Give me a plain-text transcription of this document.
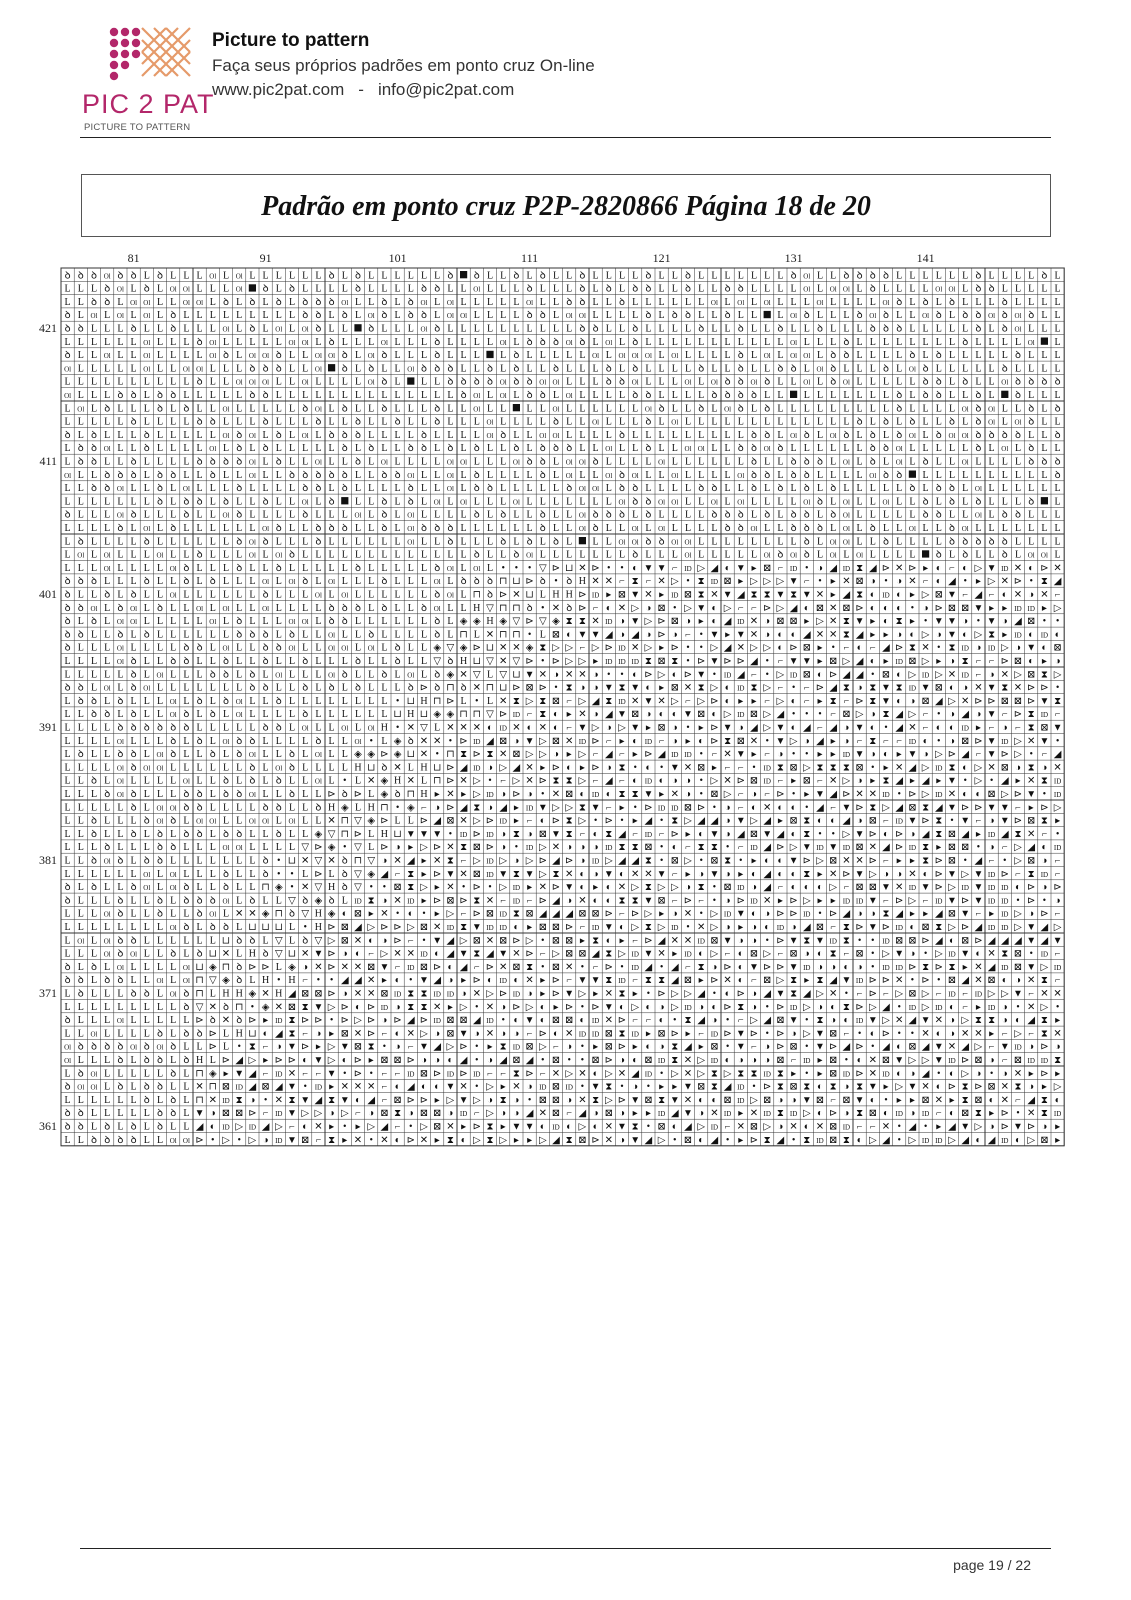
PIC 2 PAT
PICTURE TO PATTERN
Picture to pattern
Faça seus próprios padrões em ponto cruz On-line
www.pic2pat.com - info@pic2pat.com
Padrão em ponto cruz P2P-2820866 Página 18 de 20
81	91	101	111	121	131	141
421
411
401
391
381
371
361
ꝺ ꝺ ꝺ Ol ꝺ ꝺ L ꝺ L L L Ol L Ol L L L L L L ꝺ L ꝺ L L L L L L ꝺ ꝺ L L ꝺ L ꝺ L L ꝺ L L L L ꝺ L L ꝺ L L L L L L L ꝺ Ol L L ꝺ ꝺ ꝺ ꝺ L L L L L L ꝺ L L L L ꝺ L
L L L ꝺ Ol L ꝺ L Ol Ol L L L Ol ꝺ L ꝺ L L L L ꝺ L L L L ꝺ ꝺ L L Ol L L L ꝺ L L L ꝺ L ꝺ L ꝺ ꝺ L L ꝺ L L ꝺ ꝺ L L L L Ol L Ol Ol L ꝺ L L L L Ol Ol L ꝺ ꝺ L L L L L
L L ꝺ ꝺ L Ol Ol L L Ol Ol L ꝺ L ꝺ L ꝺ L ꝺ ꝺ ꝺ Ol L L ꝺ L ꝺ Ol L Ol L L L L L Ol L L ꝺ ꝺ L L ꝺ L L L L L L Ol L Ol L Ol L L L Ol L L L L Ol ꝺ L ꝺ L ꝺ L L L ꝺ L L L L
ꝺ L Ol L Ol L Ol L ꝺ L L L L L L L L L ꝺ ꝺ L ꝺ L Ol ꝺ L ꝺ ꝺ L Ol Ol L L L L ꝺ ꝺ L Ol Ol L L L L ꝺ L ꝺ ꝺ L L ꝺ L L L Ol ꝺ L L L ꝺ Ol ꝺ L L Ol ꝺ L ꝺ ꝺ Ol ꝺ Ol ꝺ L L
ꝺ ꝺ L L L ꝺ L L ꝺ L L L Ol L ꝺ L Ol L Ol ꝺ L L ꝺ L L L Ol ꝺ L L L L L L L L L L ꝺ ꝺ L L ꝺ L L L L ꝺ L L ꝺ L L ꝺ L L ꝺ L L L ꝺ ꝺ ꝺ L L L L L ꝺ L ꝺ Ol L L L
L L L L L L Ol L L L ꝺ Ol L L L L L Ol Ol L ꝺ L L L Ol L L L ꝺ L L L L Ol L ꝺ ꝺ ꝺ Ol ꝺ L Ol L ꝺ L L L L L L L L L L L Ol L L L ꝺ L L L L L L L L ꝺ L L L L Ol L
ꝺ L L Ol L L Ol L L L L Ol ꝺ L Ol Ol ꝺ L L Ol Ol ꝺ L Ol ꝺ L L L ꝺ L L L L ꝺ L L L L L Ol L Ol Ol Ol L Ol L L L L ꝺ L Ol L Ol Ol L ꝺ ꝺ L L L L ꝺ L ꝺ L L L L L ꝺ L L L
Ol L L L L L Ol L L Ol Ol L L L ꝺ ꝺ ꝺ L L Ol ꝺ L ꝺ L L Ol ꝺ ꝺ ꝺ L L ꝺ L ꝺ L L ꝺ L L L ꝺ L ꝺ L L L L ꝺ L L ꝺ L L ꝺ ꝺ L Ol ꝺ L L L ꝺ L Ol ꝺ L L L L L ꝺ L L L L
L L L L L L L L L L ꝺ L L Ol Ol Ol L L Ol L L L L Ol ꝺ L L L ꝺ ꝺ ꝺ ꝺ Ol ꝺ ꝺ Ol Ol L L L ꝺ ꝺ Ol L L L Ol L Ol ꝺ ꝺ Ol ꝺ L L Ol L ꝺ Ol L L L L L ꝺ ꝺ L ꝺ L L Ol ꝺ ꝺ ꝺ ꝺ
Ol L L L ꝺ ꝺ L ꝺ ꝺ L L L L L ꝺ ꝺ L L L L L L L L L L L L L L ꝺ Ol L Ol L ꝺ ꝺ L Ol L L L L ꝺ ꝺ L L L L ꝺ ꝺ ꝺ ꝺ L L L L L L L L L ꝺ L ꝺ ꝺ L L ꝺ L ꝺ L L L
L Ol L ꝺ L L L ꝺ L ꝺ L L Ol L L L L L ꝺ Ol L ꝺ L L ꝺ L L L ꝺ L L Ol L L L L Ol L L L L L L Ol ꝺ L L ꝺ L Ol ꝺ L ꝺ L L L L L L L L L ꝺ L L L L Ol ꝺ Ol L L ꝺ L ꝺ
L L L L L ꝺ L L L L ꝺ ꝺ L L L ꝺ L L L ꝺ L L ꝺ L L ꝺ L L ꝺ L L L Ol L L L L ꝺ L L Ol L L L ꝺ L Ol L L L L L L L L L L L L L ꝺ L ꝺ L ꝺ L L ꝺ L ꝺ Ol L Ol ꝺ L L
ꝺ L ꝺ L L L ꝺ L L L L L Ol ꝺ Ol L ꝺ L Ol L ꝺ ꝺ ꝺ L L L L ꝺ L L L L Ol ꝺ L L Ol Ol L L L L ꝺ L L L L L L L L L ꝺ ꝺ L Ol ꝺ L Ol ꝺ L ꝺ L ꝺ Ol L ꝺ Ol Ol ꝺ ꝺ ꝺ ꝺ L L ꝺ
L ꝺ ꝺ Ol L L ꝺ L L L L Ol L ꝺ L ꝺ L L L L L ꝺ L ꝺ L L ꝺ ꝺ L ꝺ L ꝺ L L ꝺ L ꝺ ꝺ ꝺ L L Ol L L ꝺ L L Ol Ol L L ꝺ ꝺ Ol ꝺ L L L L L L ꝺ ꝺ Ol L L L L L ꝺ L Ol L ꝺ L L
L ꝺ ꝺ L L ꝺ L L L L ꝺ ꝺ ꝺ ꝺ Ol L ꝺ L L Ol L L ꝺ L Ol L L L L Ol Ol L L L Ol ꝺ ꝺ L Ol Ol ꝺ L L L L Ol L L L L L L ꝺ L L ꝺ ꝺ ꝺ L Ol L ꝺ L Ol L ꝺ L L Ol L L L L ꝺ ꝺ ꝺ
Ol L L ꝺ ꝺ ꝺ L ꝺ ꝺ L L ꝺ L L Ol L L ꝺ ꝺ ꝺ ꝺ ꝺ L L ꝺ ꝺ Ol L L Ol L ꝺ L L L L ꝺ L Ol L L Ol ꝺ Ol L L Ol L L L L Ol ꝺ ꝺ L ꝺ ꝺ L L L L Ol ꝺ ꝺ L L L L L L L L L L ꝺ
L L ꝺ ꝺ Ol L L ꝺ L Ol L L L ꝺ L L L L ꝺ ꝺ L ꝺ L L L L ꝺ L L Ol L ꝺ ꝺ L L L L L ꝺ Ol Ol L ꝺ ꝺ L L L L ꝺ ꝺ L L ꝺ L ꝺ L ꝺ L ꝺ L L L L L ꝺ L ꝺ ꝺ L Ol L L L L L L
L L L L L L L ꝺ L ꝺ ꝺ L ꝺ L L ꝺ L L Ol L ꝺ L L ꝺ L ꝺ L Ol L Ol L L L Ol L L L L L L L Ol ꝺ ꝺ Ol Ol L L Ol L Ol L L L L Ol ꝺ L Ol L L Ol L L ꝺ L ꝺ L ꝺ L L L ꝺ L
ꝺ L L L Ol ꝺ L L L ꝺ L L Ol ꝺ L L L L ꝺ L L L Ol L ꝺ L Ol L L L L ꝺ L ꝺ L L ꝺ L L Ol ꝺ ꝺ ꝺ L ꝺ L L L L ꝺ ꝺ ꝺ L ꝺ L ꝺ ꝺ L ꝺ Ol L L L L L ꝺ ꝺ L L Ol L ꝺ ꝺ L L L
L L L L ꝺ L Ol L ꝺ L L L L L L Ol ꝺ L L ꝺ ꝺ ꝺ L L ꝺ L Ol ꝺ ꝺ ꝺ L L L L L L ꝺ L L Ol ꝺ L L Ol L Ol L L L L ꝺ ꝺ Ol L L ꝺ ꝺ ꝺ L Ol L ꝺ L L Ol L L ꝺ Ol L L L L L L L
L ꝺ L L L L ꝺ L L L L L L ꝺ Ol ꝺ L L L ꝺ L L L L L L Ol L L ꝺ L L L ꝺ L ꝺ L ꝺ L L L Ol Ol ꝺ ꝺ Ol Ol L L L L L L L L ꝺ L Ol Ol L L ꝺ L L L L ꝺ ꝺ ꝺ ꝺ ꝺ L L L L
L Ol L Ol L L L Ol L L ꝺ L L L Ol L Ol ꝺ L L L L L L L L L L L L L ꝺ L L ꝺ Ol L L L L L L L ꝺ L L L Ol L L L L L Ol ꝺ Ol ꝺ L Ol L Ol L L L L ꝺ L ꝺ L L ꝺ L Ol Ol L
L L L Ol L L L L Ol ꝺ L L L ꝺ L L ꝺ L L L L L ꝺ L L L L L ꝺ Ol L Ol L • • • ▽ ⊳ ⊔ ✕ ⊳ • • ◐ ▼ ▼ ⌐ ID ▷ ◢ ◐ ▼ ▸ ⊠ ⌐ ID • ◑ ◢ ID ⧗ ◢ ⊳ ✕ ⊳ ▸ ◐ ⌐ ◐ ▷ ▼ ID ✕ ◐ ⊳ ✕
ꝺ ꝺ ꝺ L L L ꝺ L L ꝺ L ꝺ L L L Ol L Ol ꝺ L Ol L L L ꝺ L L L Ol L ꝺ ꝺ ꝺ ⊓ ⊔ ⊳ ꝺ • ꝺ H ✕ ✕ ⌐ ⧗ ⌐ ✕ ▷ • ⧗ ID ⊠ ▸ ▷ ▷ ▷ ▼ ⌐ • ▸ ✕ ⊠ ◑ • ◑ ✕ ⌐ ◐ ◢ • ▸ ▷ ✕ ⊳ • ⧗ ◢
ꝺ L L ꝺ L ꝺ L L Ol L L L L L L ꝺ L L L Ol L Ol L L L L L L ꝺ Ol L ⊓ ꝺ ⊳ ✕ ⊔ L H H ⊳ ID ▸ ⊠ ▼ ✕ ▸ ID ⊠ ⧗ ✕ ▼ ◢ ⧗ ⧗ ▼ ⧗ ▼ ✕ ▸ ◢ ⧗ ◐ ID ◐ ▸ ▷ ⊠ ▼ ⌐ ◢ ⌐ ◐ ✕ ◑ ✕ ⌐
ꝺ ꝺ Ol L ꝺ Ol L ꝺ L L Ol L Ol L L Ol L L L L ꝺ ꝺ ꝺ L ꝺ L L ꝺ Ol L L H ▽ ⊓ ⊓ ꝺ • ✕ ꝺ ⊳ ⌐ ◐ ✕ ▷ ◑ ⊠ • ▷ ▼ ◐ ▷ ⌐ ⌐ ⊳ ▷ ◢ ◐ ⊠ ✕ ⊠ ⊳ ◐ ◐ ◐ • ◑ ⊳ ⊠ ⊠ ▼ ▸ ▸ ID ID ▸ ▷
ꝺ L ꝺ L Ol Ol L L L L L Ol L ꝺ L L L Ol Ol L ꝺ ꝺ L L L L L L ꝺ L ◈ ◈ H ◈ ▽ ⊳ ▽ ◈ ⧗ ⧗ ✕ ID ◑ ▼ ▷ ⊳ ⊠ ◑ ▸ ◐ ◢ ID ✕ ◑ ⊠ ⊠ ▸ ▷ ✕ ⧗ ▼ ▸ ◐ ⧗ ▸ • ▼ ▼ ◑ • ▼ ◑ ◢ ⊠ • •
ꝺ ꝺ L L ꝺ L ꝺ L L L L L L ꝺ ꝺ ꝺ L ꝺ L L Ol L L ꝺ L L L L ꝺ L ⊓ L ✕ ⊓ ⊓ • L ⊠ ◐ ▼ ▼ ◢ ◑ ◢ ◑ ⊳ ◑ ⌐ • ▼ ▸ ▼ ✕ ◑ ◐ ◐ ◢ ✕ ✕ ⧗ ◢ ▸ ▸ ◑ ◐ ▷ ◑ ▼ ◐ ▷ ⧗ ▸ ID ◐ ID ◐
ꝺ L L L Ol L L L L ꝺ ꝺ L Ol L L ꝺ ꝺ Ol L L Ol Ol L Ol L ꝺ L L ◈ ▽ ◈ ⊳ ⊔ ✕ ✕ ◈ ⧗ ▷ ▷ ⌐ ▷ ⊳ ID ✕ ▷ ▸ ⊳ • • ▷ ◢ ✕ ▷ ▷ ◐ ⊳ ⊠ ▸ • ⌐ ◐ ⌐ ◢ ⊳ ⧗ ✕ • ⧗ ID ◑ ID ▷ ◑ ▼ ◐ ⊠
L L L L Ol ꝺ L L ꝺ ꝺ L L ꝺ L L ꝺ L L ꝺ L L L ꝺ L L ꝺ L L ▽ ꝺ H ⊔ ▽ ✕ ▽ ⊳ • ⊳ ▷ ▷ ▸ ID ID ID ⧗ ⊠ ⧗ • ⊳ ▼ ⊳ ⊳ ◢ • ⌐ ▼ ▼ ▸ ⊠ ▷ ◢ ◐ ▸ ID ⊠ ▷ ▸ ◑ ⧗ ⌐ ⌐ ⊳ ⊠ ◐ ▸ ◑
L L L L L ꝺ L Ol L L L ꝺ ꝺ L ꝺ L Ol L L L Ol ꝺ L L ꝺ L Ol L ꝺ ◈ ✕ ▽ L ▽ ⊔ ▼ ✕ ◑ ✕ ✕ ◑ • • ◐ ⊳ ▷ ◐ ⊳ ▼ • ID ◢ ⌐ • ▷ ID ⊠ ◐ ⊳ ◢ ◢ • ⊠ ◐ ▷ ID ▷ ✕ ID ⌐ ◑ ✕ ▷ ⊠ ⧗ ▷
ꝺ ꝺ L Ol L ꝺ Ol L L L L L L L ꝺ ꝺ L L ꝺ L ꝺ L ꝺ L L L ꝺ ⊳ ꝺ ⊓ ꝺ ✕ ⊓ ⊔ ⊳ ⊠ ⊳ • ⧗ ◑ ◑ ▼ ⧗ ▼ ◐ ▸ ⊠ ✕ ⧗ ▷ ◐ ID ⧗ ▷ ⌐ • ⌐ ⊳ ◢ ⧗ ◑ ⧗ ▼ ⧗ ID ▼ ⊠ ◐ ◑ ✕ ▼ ⧗ ✕ ⊳ ⊳ •
L ꝺ ꝺ L ꝺ L L L Ol L ꝺ L ꝺ Ol L L ꝺ L L L L L L L L • ⊔ H ⊓ ⊳ L • L ✕ ⧗ ▷ ⧗ ⊠ ⌐ ▷ ◢ ⧗ ID ✕ ▼ ✕ ▷ ⌐ ▷ ⊳ ◐ ▸ ▸ ⌐ ▷ ◐ ⌐ ▸ ⧗ ⌐ ⊳ ⧗ ▼ ◐ ◑ ⊠ ◢ ▷ ✕ ⊳ ⊳ ⊠ ⊠ ⊳ ▼ ⧗
L L ꝺ ꝺ L ꝺ L L Ol ꝺ L ꝺ L Ol L L L L ꝺ L L L L L L ⊔ H ⊔ ◈ ◈ ⊓ ⊓ ▽ ⊳ ID ⌐ ⧗ ◐ ▸ ✕ ◑ ◢ ▼ ⊠ ◑ ◐ ◐ ▼ ⊠ ◐ ▷ ID ⊠ ▷ ◢ • • • ⌐ ⊠ ▷ ◑ ⧗ ◢ ▷ ⌐ • ◑ ◢ ◑ ▼ ⌐ ⊳ ⧗ ID ⌐
L L L L ꝺ ꝺ ꝺ ꝺ ꝺ ꝺ L L L L L ꝺ ꝺ L Ol L L Ol L Ol H • ✕ ▽ L ✕ ✕ ✕ ◐ ID ✕ ◐ ✕ ◐ ⌐ ▼ ▷ ◑ ▷ ▼ ▸ ⊠ ◑ • ▸ ⊳ ▼ ◑ ◢ ▷ ▼ ◐ ◢ ⌐ ◢ ◑ ▼ ◐ • ◢ ✕ ⌐ ◐ ◐ ID ▸ ⌐ ◑ ⌐ ⧗ ⊠ ▼
L L L L Ol L L L ꝺ L ꝺ L Ol ꝺ ꝺ L L L L ꝺ L L Ol • L ◈ ꝺ ✕ ✕ • ⊳ ID ◢ ⊠ ◑ ▼ ▷ ⊠ ✕ ID ⊳ ⌐ ▸ ◐ ID ⌐ ◑ ▸ ◐ ⊳ ⧗ ⊠ ✕ • ▼ ▷ ◑ ◢ ▸ ◑ ⌐ ⧗ ⌐ ⌐ ID ◐ • ◑ ⊠ ⊳ ▼ ID ▷ ✕ ▼ •
L ꝺ L L ꝺ ꝺ L Ol ꝺ L L ꝺ L ꝺ Ol L L ꝺ L Ol L L ◈ ◈ ⊳ ◈ ⊔ ✕ • ⊓ ⧗ ⊳ ⧗ ✕ ⊠ ▷ ▷ ◑ ▸ ▷ ⌐ ◢ ⌐ ▸ ⊳ ◢ ID ID • ⌐ ✕ ▼ ▸ ⌐ ◑ • • ▸ ▸ ID ▼ ◑ ◐ ▸ ▼ ◑ ▷ ⊳ ◢ ⌐ ▼ ⊳ ▷ • ⌐ ◢
L L L L Ol ꝺ Ol Ol L L L L L L ꝺ L Ol ꝺ L L L L H ⊔ ꝺ ✕ L H ⊔ ⊳ ◢ ID ◑ ▷ ◢ ✕ ▸ ⊳ ◐ ▸ ⊳ ◑ ⧗ • ◐ • ▼ ✕ ⊠ ▸ ⌐ ⌐ • ID ⧗ ⊠ ▷ ⧗ ⧗ ⧗ ⊠ • ▸ ✕ ◢ ▷ ID ⧗ ◐ ▷ ✕ ⊠ ◑ ⧗ ◑ ✕
L L ꝺ L Ol L L L L Ol L L ꝺ L ꝺ L ꝺ L L Ol L • L ✕ ◈ H ✕ L ⊓ ⊳ ✕ ▷ • ⌐ ▷ ✕ ⊳ ⧗ ⧗ ▷ ⌐ ◢ ⌐ ◐ ID ◐ ◑ ◑ • ▷ ✕ ⊳ ⊠ ID ⌐ ▸ ⊠ ⌐ ✕ ▷ ◑ ▸ ⧗ ◢ ▸ ◢ ▸ ▼ • ▷ • ◢ ▸ ✕ ⧗ ID
L L L ꝺ Ol ꝺ L L L ꝺ ꝺ L ꝺ ꝺ Ol L L ꝺ L L ⊳ ꝺ ⊳ L ◈ ꝺ ⊓ H ▸ ✕ ▸ ▷ ID ◑ ⊳ ◑ • ✕ ⊠ ◐ ID ◐ ⧗ ⧗ ▼ ▸ ✕ ◑ • ⊠ ▷ ⌐ ◑ ⌐ ⊳ • ▸ ▼ ◢ ⊳ ✕ ✕ ID • ⊳ ▷ ID ✕ ◐ ◐ ⊠ ▷ ⊳ ▼ • ID
L L L L L ꝺ L Ol Ol ꝺ ꝺ L L L L ꝺ ꝺ L L ꝺ H ◈ L H ⊓ • ◈ ⌐ ◑ ⊳ ◢ ⧗ ◑ ◢ ▸ ID ▼ ▷ ▷ ⧗ ▼ ⌐ ▸ • ⊳ ID ID ⊠ ⊳ • ◑ ⌐ ◐ ✕ ◐ ◐ • ◢ ⌐ ▼ ⊳ ⧗ ▷ ◢ ⊠ ⧗ ◢ ▼ ⊳ ⊳ ▼ ▼ ⌐ ▸ ⊳ ▷
L L ꝺ L L L ꝺ Ol ꝺ L Ol Ol L L Ol Ol L Ol L L ✕ ⊓ ▽ ◈ ⊳ L L ⊳ ◢ ⊠ ✕ ▷ ⊳ ID ▸ ⌐ ◐ ⊳ ⧗ ▷ • ⊳ • ▸ ◢ • ⧗ ▷ ◢ ◢ ◑ ▼ ▷ ◢ ▸ ⊠ ⧗ ◐ ◐ ◢ ◑ ⊠ ⌐ ID ▼ ⊳ ⧗ • ▼ ⌐ ◑ ▼ ⊳ ⊠ ⧗ ▸
L L ꝺ L L ꝺ L ꝺ L ꝺ ꝺ L ꝺ ꝺ L L ꝺ L L ◈ ▽ ⊓ ⊳ L H ⊔ ▼ ▼ ▼ • ID ⊳ ID ◑ ⧗ ◑ ⊠ ▼ ⧗ ⌐ ◐ ⧗ ◢ ⌐ ID ⌐ ⊳ ▸ ◐ ▼ ◑ ◢ ⊠ ▼ ◢ ◐ ⧗ • • ▷ ▼ ⊳ ◐ ⊳ ◑ ◢ ⧗ ⊠ ◢ ▸ ID ◢ ⧗ ✕ ⌐ •
L L L ꝺ L L L ꝺ ꝺ L L L Ol Ol L L L L ▽ ⊳ ◈ • ▽ L ⊳ ◑ ▸ ▷ ⊳ ✕ ⧗ ⊠ ⊳ ◑ • ID ▷ ✕ ◑ ◑ ◑ ID ⧗ ⧗ ⊠ • ◐ ⌐ ⧗ ⧗ • ⌐ ID ◢ ⊳ ▷ ▼ ID ▼ ID ⊠ ✕ ◢ ⊳ ID ⧗ ▸ ⊠ ⊠ • ◑ ⌐ ▷ ◢ ◐ ID
L L ꝺ Ol ꝺ L ꝺ ꝺ L L L L L L L ꝺ • ⊔ ✕ ▽ ✕ ꝺ ⊓ ▽ ◑ ✕ ◢ ▸ ✕ ⧗ ⌐ ▷ ID ▷ ◑ ▷ ⊳ ◢ ⊳ ◑ ID ▷ ◢ ◢ ⧗ • ⊠ ▷ • ⊠ ⧗ • ▸ ◐ ◐ ▼ ⊳ ▷ ⊠ ✕ ✕ ⊳ ⌐ ▸ ▸ ⧗ ⊳ ⊠ • ◢ ⌐ • ▷ ⊠ ◑ ⌐
L L L L L L Ol L Ol L L L ꝺ L L ꝺ • • L ⊳ L ꝺ ▽ ◈ ◢ ⌐ ⧗ ▸ ⊳ ▼ ✕ ⊠ ID ▼ ⧗ ▼ ▷ ⧗ ✕ ◐ ◑ ▼ ◐ ✕ ✕ ▼ ⌐ ▸ ◑ ▼ ◑ ▸ ◐ ◢ ◐ ◐ ⧗ ▸ ✕ ⊳ ▼ ▷ ◑ ◑ ✕ ◐ ⊳ ▼ ▷ ▼ ID ⊳ ⌐ ⧗ ID ⌐
ꝺ L ꝺ L L ꝺ Ol L Ol ꝺ L L ꝺ L L ⊓ ◈ • ✕ ▽ H ꝺ ▽ • • ⊠ ⧗ ▷ ▸ ✕ • ⊳ • ▷ ID ▸ ✕ ⊳ ▼ ◐ ▸ ◐ ✕ ▷ ⧗ ▷ ▷ ◑ ⧗ • ⊠ ID ◑ ◢ ⌐ ◐ ◐ ◐ ▷ ⌐ ⊠ ⊠ ▼ ✕ ID ▼ ⊳ ▷ ID ▼ ID ID ◐ ⊳ ◑ ⊳
ꝺ L L L ꝺ L L ꝺ L ꝺ ꝺ ꝺ Ol L ꝺ L L ▽ ꝺ ◈ ꝺ L ID ⧗ ◑ ✕ ID ▸ ⊳ ⊠ ⊳ ⧗ ✕ ⌐ ID ⌐ ⊳ ◢ ◑ ✕ ◐ ◐ ⧗ ⧗ ▼ ⊠ ⌐ ⊳ ⌐ • ◑ ⊳ ID ✕ ▸ ⊳ ▷ ▸ ▸ ID ID ▼ ⌐ ⊳ ▷ ⌐ ID ▼ ⊳ ▼ ID ID • ⊳ • ◑
L L L Ol ꝺ L L ꝺ L L ꝺ Ol L ✕ ✕ ◈ ⊓ ꝺ ▽ H ◈ ◐ ⊠ ▸ ✕ • ◐ • ▸ ▷ ⌐ ⊳ ⊠ ID ⧗ ⊠ ◢ ◢ ◢ ⊠ ⊠ ⊳ ⌐ ⊳ ▷ ▸ ◑ ✕ • ▷ ID ▼ ◐ ◑ ⊳ ⊳ ID • ⊳ ◢ ◑ ◑ ⧗ ◢ ▸ ▸ ◢ ⊠ ▼ ⌐ ▸ ID ▷ ◑ ⊳ ⌐
L L L L L L L L Ol ꝺ L ꝺ ꝺ L ⊔ ⊔ ⊔ L • H ⊳ ⊠ ◢ ▷ ⊳ ⊳ ▷ ⊠ ✕ ID ⧗ ▼ ID ID ◐ ▸ ⊠ ⊠ ⊳ ⌐ ID ▼ ◐ ▷ ⧗ ▷ ID • ✕ ▷ ◑ ▸ ◑ ◐ ID ◑ ◢ ⊠ ⌐ ⧗ ⊳ ▼ ⊳ ID ◐ ⊠ ⧗ ▷ ⊳ ◢ ID ID ▷ ▼ ◢ ▷
L Ol L Ol ꝺ ꝺ L L L L L L ⊔ ꝺ ꝺ L ▽ L ꝺ ▽ ▷ ⊠ ✕ ◐ ◑ ⊳ ⌐ • ▼ ◢ ▷ ⊠ ✕ ⊠ ⊳ ▷ • ⊠ ⊠ ▸ ⧗ ◐ ▸ ⌐ ⊳ ◢ ✕ ✕ ID ⊠ ▼ ◑ ◑ • ⊳ ▼ ⧗ ▼ ID ⧗ • • ID ⊠ ⊠ ⊳ ◢ ◐ ⊠ ⊳ ◢ ◢ ◢ ▼ ◢ ▼
L L L Ol ꝺ Ol L L ꝺ L ꝺ ⊔ ✕ L H ꝺ ▽ ⊔ ✕ ▼ ⊳ ◑ ◐ ⌐ ▷ ✕ ✕ ID ◐ ◢ ▼ ⧗ ◢ ▼ ✕ ⊳ ⌐ ▷ ⊠ ⊠ ◢ ⧗ ▷ ID ▼ ✕ ▸ ID ◐ ▷ ⌐ ◐ ⊠ ▷ ⌐ ⊠ ◑ ◐ ⧗ ⌐ ⊠ • ▷ ▼ ◑ • ▷ ID ▼ ◐ ✕ ⧗ ⊠ • ID ⌐
ꝺ L ꝺ L Ol L L L L Ol ⊔ ◈ ⊓ ꝺ ⊳ ⊳ L ◈ ◑ ✕ ⊳ ✕ ✕ ⊠ ▼ ⌐ ID ⊠ ⊳ ◐ ◢ ⌐ ⊳ ✕ ⊠ ⧗ • ⊠ ✕ • ⌐ ⊳ • ID ◢ • ◢ ⌐ ⧗ ◑ ⊳ ◐ ▼ ⊳ ⊳ ▼ ID ◑ ◑ ◐ ◑ • ID ID ⊳ ⧗ ⊳ ⧗ ▸ ✕ ◢ ID ⊠ ▼ ▷ ID
ꝺ ꝺ L ꝺ ꝺ L L Ol L Ol ⊓ ▽ ◈ ꝺ L H • H ⌐ • • ◢ ◢ ✕ ▸ ◐ • ▼ ◢ ◑ ▸ ⊳ ◐ ID ◐ ✕ ▸ ⊳ ⌐ ▼ ▼ ⧗ ID ⌐ ⧗ ⧗ ◢ ⊠ ▸ ⊳ ✕ ◐ ⌐ ⊠ ▷ ⧗ ▸ ⧗ ◢ ▼ ID ⊳ ⊳ ✕ • ⊳ • ⊠ ◢ ✕ ⊠ ◐ ◑ ✕ ⧗ ⌐
L ꝺ L L L ꝺ ꝺ L Ol ꝺ ⊓ L H H ◈ ✕ H ◢ ⊠ ⊠ ⊳ ◑ ✕ ✕ ⊠ ID ⧗ ⧗ ID ID ◑ ✕ ▷ ⊳ ID ◑ ▸ ⊳ ▼ ▷ ▸ ✕ ⧗ ▸ • ⊳ ▷ ▷ ◢ • ◐ ⊳ ◑ ◢ ▼ ⧗ ◢ ▷ ✕ • ⌐ ⊳ ⌐ ▷ ⊠ ▷ ⌐ ID ⌐ ID ▷ ▷ ▼ ⌐ ✕ ✕
L L L L L L L L L ꝺ ▽ ✕ ꝺ ⊓ • ◈ ✕ ⊠ ⧗ ▼ ▷ ⊳ ◐ ⊳ ID ◑ ⧗ ⧗ ✕ ▸ ▷ • ✕ ◑ ⊳ ▷ ◐ ▸ ⊳ • ⊳ ▼ ◐ ▷ ◐ ◑ ▷ ID ◑ ◐ ⊳ ⧗ ◑ • ⊳ ID ▷ ◑ ◐ ⧗ ⊳ ▷ ◢ • ID ▷ ID ◐ ⌐ ▸ ID ◑ • ✕ ▷ •
ꝺ L L L Ol L L L L L ⊳ ꝺ ✕ ꝺ ⊳ ▸ ID ⧗ ⊳ ⊳ • ⊳ ▷ ⊳ ◑ ⊳ ◢ ⊳ ID ⊠ ⊠ ◢ ID • ◐ ▼ ◐ ⊠ ⊠ ◐ ID ✕ ⊳ ⌐ ⌐ ◐ • ⧗ ◢ ◑ • ⌐ ▷ ◢ ⊠ ▼ • ⧗ ◑ ◐ ID ▼ ▷ ✕ ◢ ▼ ✕ ◑ ▷ ⧗ ⧗ ◑ ◐ ◢ ⧗ ▸
L L Ol L L L L ꝺ L ꝺ ꝺ ⊳ L H ⊔ ◐ ◢ ⧗ ⌐ ◑ ▸ ⊠ ✕ ⊳ ⌐ ◐ ✕ ▷ ◑ ⊠ ▼ ◑ ✕ ◑ ◑ ⌐ ⊳ ◐ ✕ ID ID ⊠ ⧗ ID ▸ ⊠ ⊳ ▸ ⌐ ID ⊳ ▼ ⊳ • ⊳ ◑ ▷ ▼ ⊠ ⌐ • ◐ ⊳ • • ✕ ◐ ◑ ✕ ✕ ▸ ⌐ ▷ ⌐ ⧗ ✕
Ol ꝺ ꝺ ꝺ ꝺ Ol ꝺ Ol ꝺ L L ⊳ L • ⧗ ⌐ ◑ ▼ ⊳ ▸ ▷ ▼ ⊠ ⧗ • ◑ ⌐ ▼ ◢ ▷ ⊳ • ▸ ⧗ ID ⊠ ▷ ⌐ ◑ • ▸ ⊠ ⊳ ▸ ◐ ◑ ⧗ ◢ ▸ ⊠ • ▼ ⌐ ◑ ⊳ ⊠ • ▼ ⊳ ◢ ⊳ • ◢ ◐ ⊠ ◢ ▼ ✕ ◢ ▷ ⌐ ▼ ID ◑ ⊳ ◑
Ol L L L ꝺ L ꝺ ꝺ L ꝺ H L ⊳ ◢ ▷ ▸ ⊳ ⊳ ◐ ▼ ▷ ◐ ⊳ ▸ ⊠ ⊠ ⊳ ◑ ◑ ◐ ◢ • ◑ ◢ ⊠ ◢ • ⊠ • • ⊠ ⊳ ◑ ◐ ⊠ ID ⧗ ✕ ▷ ID ◐ ◑ ◑ ◑ ⊠ ⌐ ID ▸ ⊠ • ◐ ✕ ⊠ ▼ ▷ ▷ ▼ ID ⊳ ⊠ ◑ ⌐ ⊠ ID ID ⧗
L ꝺ Ol L L L L L ꝺ L ⊓ ◈ ▸ ▼ ◢ ⌐ ID ✕ ⌐ ⌐ ▼ • ⊳ • ⌐ ⌐ ID ⊠ ⊳ ID ⊳ ID ⌐ ⌐ ⧗ ⊳ ⌐ ✕ ▷ ✕ ◐ ▷ ✕ ◢ ID • ▷ ✕ ▷ ⧗ ▷ ⧗ ⧗ ID ⧗ ▸ • ▸ ⊠ ID ⊳ ✕ ID ◐ ◑ ◢ • ◐ ▷ ◑ • ◑ ✕ ▸ ⊳ ▸
ꝺ Ol Ol L ꝺ L ꝺ ꝺ L L ✕ ⊓ ⊠ ID ◢ ⊠ ◢ ▼ • ID ▸ ✕ ✕ ✕ ⌐ ◐ ◢ ◐ ◐ ▼ ✕ • ▷ ▸ ✕ ◑ ID ⊠ ID • ▼ ⧗ • ◑ • ▸ ▸ ▼ ⊠ ⧗ ◢ ID • ⊳ ⧗ ⊠ ⧗ ◐ ⧗ ◑ ⧗ ▼ ▸ ▷ ▼ ✕ ◐ ⊳ ⧗ ⊳ ⊠ ✕ ⧗ ◑ ▸ ▷
L L L L L L ꝺ L ꝺ L ⊓ ✕ ID ⧗ ◑ • ✕ ⧗ ▼ ◢ ⧗ ▼ ◐ ◢ ⌐ ⊠ ⊳ ⊳ ▸ ▷ ▼ ▷ ◑ ⧗ ◑ • ⊠ ⊠ ◑ ✕ ⧗ ▷ ⊳ ▼ ⊠ ⧗ ▼ ✕ ◐ ◐ ⊠ ID ▷ ⊠ ◑ ◑ ▼ ⊠ ⌐ ⊠ ▼ ◐ • ▸ ▸ ⊠ ✕ ▸ ⧗ ⊠ ◐ ✕ ⌐ ◢ ⧗ ◐
ꝺ ꝺ L L L L L ꝺ ꝺ L ▼ ◑ ⊠ ⊠ ⊳ ⌐ ID ▼ ▷ ▷ ◑ ▷ ⌐ ◑ ⊠ ⧗ ◑ ⊠ ⊠ ◑ ID ⌐ ▷ ◑ ◑ ◢ ✕ ⊠ ⌐ ◢ ◑ ⊠ ◑ ▸ ▸ ID ◢ ▼ ◑ ✕ ID ▸ ✕ ID ⧗ ID ▷ ◐ ⊳ ◑ ⧗ ⊠ ◐ ID ◑ ID ⌐ ◐ ⊠ ⧗ ▸ ⊳ • ✕ ⧗ ID
ꝺ ꝺ L ꝺ L ꝺ L ꝺ L L ◢ ◐ ID ▷ ID ◢ ▷ ⌐ ◐ ✕ ▸ • ▸ ▷ ◢ ⌐ • ▷ ⊠ ✕ ▸ ⊳ ⧗ ▸ ▼ ▼ ◐ ID ◐ ▷ ◐ ✕ ▼ ⧗ • ⊠ ◐ ◢ ▷ ID ⌐ ✕ ⊠ ▷ ◑ ✕ ◐ ✕ ⊠ ID ⌐ ⌐ ✕ • ◢ • ▸ ◢ ▼ ▷ ◑ ⊳ ▼ ⊳ ◑ ▸
L L ꝺ ꝺ ꝺ ꝺ L L Ol Ol ⊳ • ▷ • ▷ ◑ ID ▼ ⊠ ⌐ ⧗ ▸ ✕ • ✕ ◐ ⊳ ✕ ▸ ⧗ ◐ ▷ ⧗ ▷ ▸ ▸ ▷ ◢ ⧗ ⊠ ⊳ ✕ ◑ ▼ ◢ ▷ • ⊠ ◐ ◢ • ▸ ⊳ ⧗ ◢ • ⧗ ID ⊠ ⧗ ◐ ▷ ◢ • ▷ ID ID ▷ ◢ ◐ ◢ ID ◐ ▷ ⊠ ▸
page 19 / 22
